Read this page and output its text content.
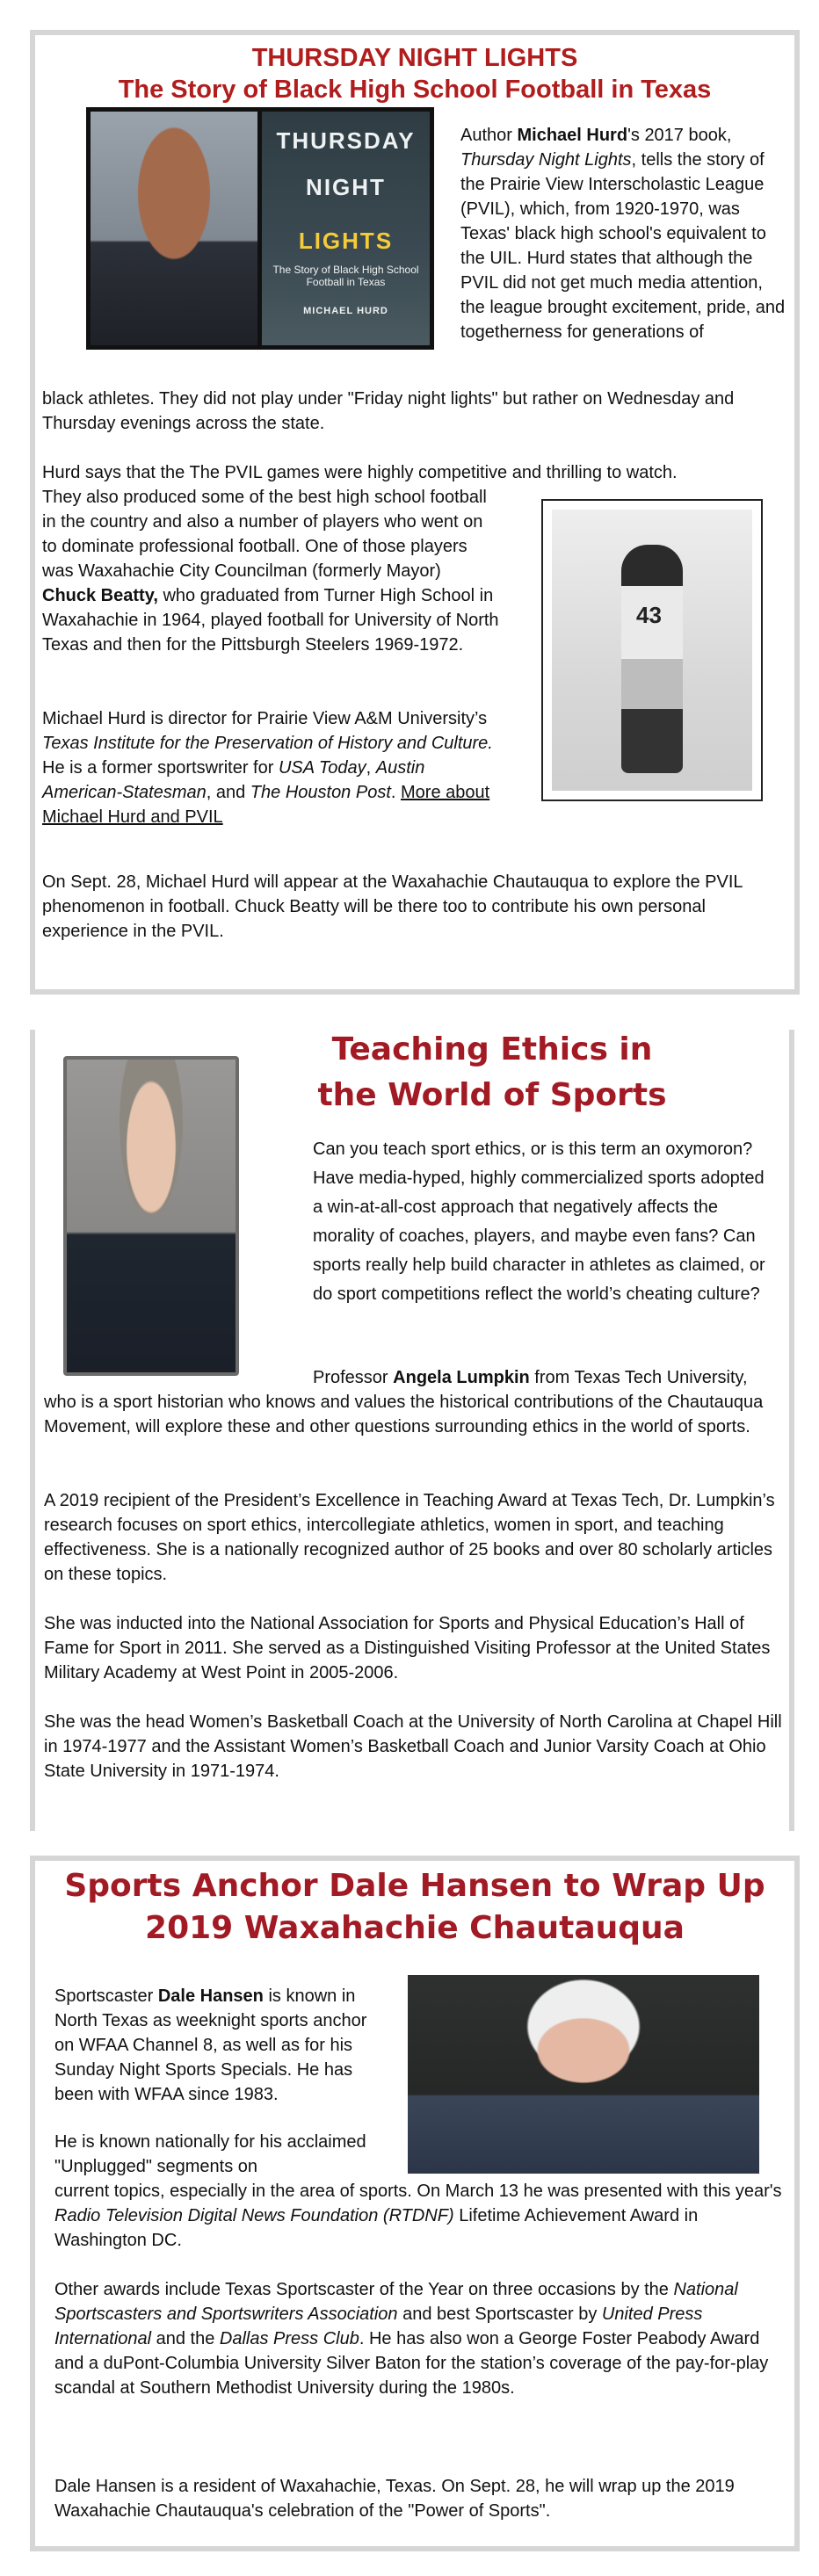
THURSDAY NIGHT LIGHTS
The Story of Black High School Football in Texas
THURSDAY
NIGHT
LIGHTS
The Story of Black High School Football in Texas
MICHAEL HURD

Author Michael Hurd's 2017 book, Thursday Night Lights, tells the story of the Prairie View Interscholastic League (PVIL), which, from 1920-1970, was Texas' black high school's equivalent to the UIL. Hurd states that although the PVIL did not get much media attention, the league brought excitement, pride, and togetherness for generations of

black athletes. They did not play under "Friday night lights" but rather on Wednesday and Thursday evenings across the state.

Hurd says that the The PVIL games were highly competitive and thrilling to watch.

They also produced some of the best high school football in the country and also a number of players who went on to dominate professional football. One of those players was Waxahachie City Councilman (formerly Mayor) Chuck Beatty, who graduated from Turner High School in Waxahachie in 1964, played football for University of North Texas and then for the Pittsburgh Steelers 1969-1972.

43

Michael Hurd is director for Prairie View A&M University’s Texas Institute for the Preservation of History and Culture. He is a former sportswriter for USA Today, Austin American-Statesman, and The Houston Post. More about Michael Hurd and PVIL

On Sept. 28, Michael Hurd will appear at the Waxahachie Chautauqua to explore the PVIL phenomenon in football. Chuck Beatty will be there too to contribute his own personal experience in the PVIL.

Teaching Ethics in
the World of Sports

Can you teach sport ethics, or is this term an oxymoron? Have media-hyped, highly commercialized sports adopted a win-at-all-cost approach that negatively affects the morality of coaches, players, and maybe even fans? Can sports really help build character in athletes as claimed, or do sport competitions reflect the world’s cheating culture?

Professor Angela Lumpkin from Texas Tech University,

who is a sport historian who knows and values the historical contributions of the Chautauqua Movement, will explore these and other questions surrounding ethics in the world of sports.

A 2019 recipient of the President’s Excellence in Teaching Award at Texas Tech, Dr. Lumpkin’s research focuses on sport ethics, intercollegiate athletics, women in sport, and teaching effectiveness. She is a nationally recognized author of 25 books and over 80 scholarly articles on these topics.

She was inducted into the National Association for Sports and Physical Education’s Hall of Fame for Sport in 2011. She served as a Distinguished Visiting Professor at the United States Military Academy at West Point in 2005-2006.

She was the head Women’s Basketball Coach at the University of North Carolina at Chapel Hill in 1974-1977 and the Assistant Women’s Basketball Coach and Junior Varsity Coach at Ohio State University in 1971-1974.

Sports Anchor Dale Hansen to Wrap Up
2019 Waxahachie Chautauqua

Sportscaster Dale Hansen is known in North Texas as weeknight sports anchor on WFAA Channel 8, as well as for his Sunday Night Sports Specials. He has been with WFAA since 1983.

He is known nationally for his acclaimed "Unplugged" segments on

current topics, especially in the area of sports. On March 13 he was presented with this year's Radio Television Digital News Foundation (RTDNF) Lifetime Achievement Award in Washington DC.

Other awards include Texas Sportscaster of the Year on three occasions by the National Sportscasters and Sportswriters Association and best Sportscaster by United Press International and the Dallas Press Club. He has also won a George Foster Peabody Award and a duPont-Columbia University Silver Baton for the station’s coverage of the pay-for-play scandal at Southern Methodist University during the 1980s.

Dale Hansen is a resident of Waxahachie, Texas. On Sept. 28, he will wrap up the 2019 Waxahachie Chautauqua's celebration of the "Power of Sports".
